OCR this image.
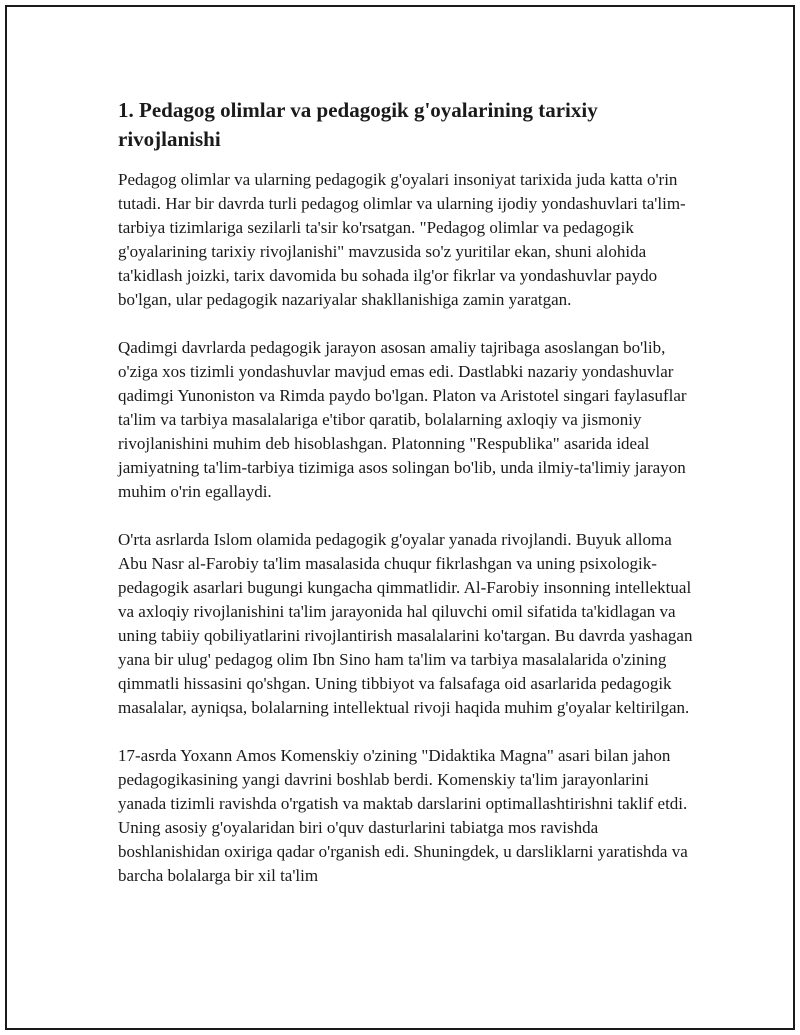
1. Pedagog olimlar va pedagogik g'oyalarining tarixiy rivojlanishi

Pedagog olimlar va ularning pedagogik g'oyalari insoniyat tarixida juda katta o'rin tutadi. Har bir davrda turli pedagog olimlar va ularning ijodiy yondashuvlari ta'lim-tarbiya tizimlariga sezilarli ta'sir ko'rsatgan. "Pedagog olimlar va pedagogik g'oyalarining tarixiy rivojlanishi" mavzusida so'z yuritilar ekan, shuni alohida ta'kidlash joizki, tarix davomida bu sohada ilg'or fikrlar va yondashuvlar paydo bo'lgan, ular pedagogik nazariyalar shakllanishiga zamin yaratgan.

Qadimgi davrlarda pedagogik jarayon asosan amaliy tajribaga asoslangan bo'lib, o'ziga xos tizimli yondashuvlar mavjud emas edi. Dastlabki nazariy yondashuvlar qadimgi Yunoniston va Rimda paydo bo'lgan. Platon va Aristotel singari faylasuflar ta'lim va tarbiya masalalariga e'tibor qaratib, bolalarning axloqiy va jismoniy rivojlanishini muhim deb hisoblashgan. Platonning "Respublika" asarida ideal jamiyatning ta'lim-tarbiya tizimiga asos solingan bo'lib, unda ilmiy-ta'limiy jarayon muhim o'rin egallaydi.

O'rta asrlarda Islom olamida pedagogik g'oyalar yanada rivojlandi. Buyuk alloma Abu Nasr al-Farobiy ta'lim masalasida chuqur fikrlashgan va uning psixologik-pedagogik asarlari bugungi kungacha qimmatlidir. Al-Farobiy insonning intellektual va axloqiy rivojlanishini ta'lim jarayonida hal qiluvchi omil sifatida ta'kidlagan va uning tabiiy qobiliyatlarini rivojlantirish masalalarini ko'targan. Bu davrda yashagan yana bir ulug' pedagog olim Ibn Sino ham ta'lim va tarbiya masalalarida o'zining qimmatli hissasini qo'shgan. Uning tibbiyot va falsafaga oid asarlarida pedagogik masalalar, ayniqsa, bolalarning intellektual rivoji haqida muhim g'oyalar keltirilgan.

17-asrda Yoxann Amos Komenskiy o'zining "Didaktika Magna" asari bilan jahon pedagogikasining yangi davrini boshlab berdi. Komenskiy ta'lim jarayonlarini yanada tizimli ravishda o'rgatish va maktab darslarini optimallashtirishni taklif etdi. Uning asosiy g'oyalaridan biri o'quv dasturlarini tabiatga mos ravishda boshlanishidan oxiriga qadar o'rganish edi. Shuningdek, u darsliklarni yaratishda va barcha bolalarga bir xil ta'lim
